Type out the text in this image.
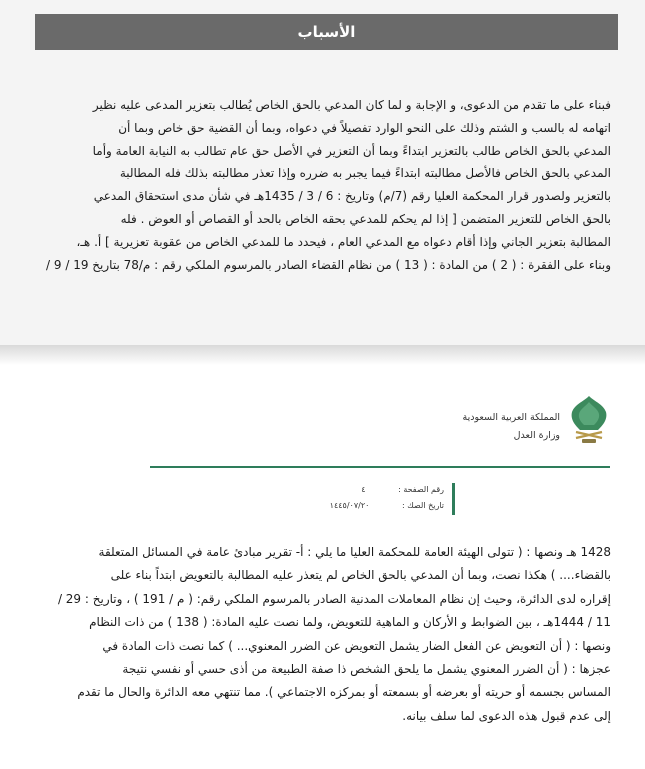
الأسباب
فبناء على ما تقدم من الدعوى، و الإجابة و لما كان المدعي بالحق الخاص يُطالب بتعزير المدعى عليه نظير
اتهامه له بالسب و الشتم وذلك على النحو الوارد تفصيلاً في دعواه، وبما أن القضية حق خاص وبما أن
المدعي بالحق الخاص طالب بالتعزير ابتداءً وبما أن التعزير في الأصل حق عام تطالب به النيابة العامة وأما
المدعي بالحق الخاص فالأصل مطالبته ابتداءً فيما يجبر به ضرره وإذا تعذر مطالبته بذلك فله المطالبة
بالتعزير ولصدور قرار المحكمة العليا رقم (7/م) وتاريخ : 6 / 3 / 1435هـ في شأن مدى استحقاق المدعي
بالحق الخاص للتعزير المتضمن [ إذا لم يحكم للمدعي بحقه الخاص بالحد أو القصاص أو العوض . فله
المطالبة بتعزير الجاني وإذا أقام دعواه مع المدعي العام ، فيحدد ما للمدعي الخاص من عقوبة تعزيرية ] أ. هـ،
وبناء على الفقرة : ( 2 ) من المادة : ( 13 ) من نظام القضاء الصادر بالمرسوم الملكي رقم : م/78 بتاريخ 19 / 9 /
المملكة العربية السعودية
وزارة العدل
رقم الصفحة : ٤
تاريخ الصك : ١٤٤٥/٠٧/٢٠
1428 هـ ونصها : ( تتولى الهيئة العامة للمحكمة العليا ما يلي : أ- تقرير مبادئ عامة في المسائل المتعلقة
بالقضاء.... ) هكذا نصت، وبما أن المدعي بالحق الخاص لم يتعذر عليه المطالبة بالتعويض ابتداً بناء على
إقراره لدى الدائرة، وحيث إن نظام المعاملات المدنية الصادر بالمرسوم الملكي رقم: ( م / 191 ) ، وتاريخ : 29 /
11 / 1444هـ ، بين الضوابط و الأركان و الماهية للتعويض، ولما نصت عليه المادة: ( 138 ) من ذات النظام
ونصها : ( أن التعويض عن الفعل الضار يشمل التعويض عن الضرر المعنوي... ) كما نصت ذات المادة في
عجزها : ( أن الضرر المعنوي يشمل ما يلحق الشخص ذا صفة الطبيعة من أذى حسي أو نفسي نتيجة
المساس بجسمه أو حريته أو بعرضه أو بسمعته أو بمركزه الاجتماعي ). مما تنتهي معه الدائرة والحال ما تقدم
إلى عدم قبول هذه الدعوى لما سلف بيانه.
